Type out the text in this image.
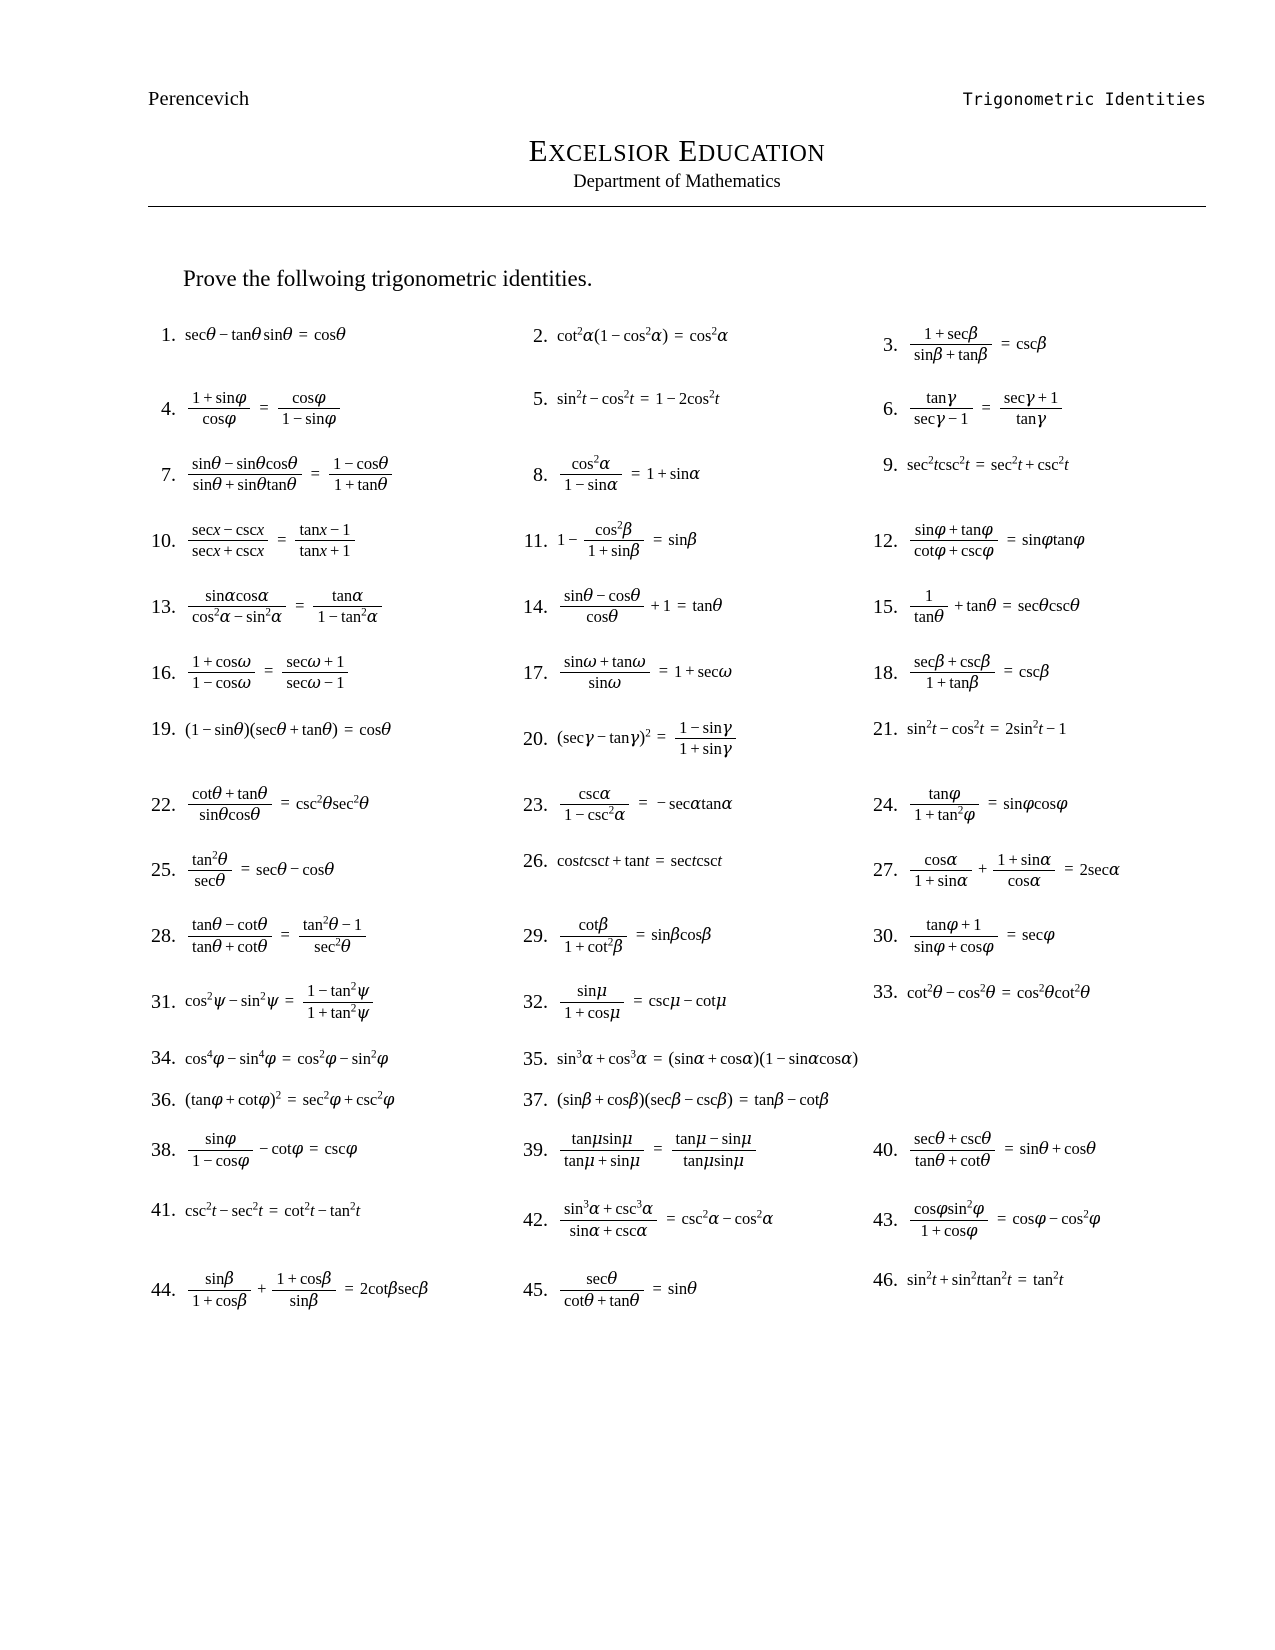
Perencevich	Trigonometric Identities
EXCELSIOR EDUCATION
Department of Mathematics
Prove the follwoing trigonometric identities.
1. secθ − tanθ sinθ = cosθ	2. $\cot^2\alpha(1 - \cos^2\alpha) = \cos^2\alpha$	3. $\frac{1 + \sec\beta}{\sin\beta + \tan\beta} = \csc\beta$
4. $\frac{1 + \sin\varphi}{\cos\varphi} = \frac{\cos\varphi}{1 - \sin\varphi}$	5. $\sin^2t - \cos^2t = 1 - 2\cos^2t$	6. $\frac{\tan\gamma}{\sec\gamma - 1} = \frac{\sec\gamma + 1}{\tan\gamma}$
7. $\frac{\sin\theta - \sin\theta\cos\theta}{\sin\theta + \sin\theta\tan\theta} = \frac{1 - \cos\theta}{1 + \tan\theta}$	8. $\frac{\cos^2\alpha}{1 - \sin\alpha} = 1 + \sin\alpha$	9. $\sec^2tcsc^2t = \sec^2t + \csc^2t$
10. $\frac{\sec x - \csc x}{\sec x + \csc x} = \frac{\tan x - 1}{\tan x + 1}$	11. $1 - \frac{\cos^2\beta}{1 + \sin\beta} = \sin\beta$	12. $\frac{\sin\varphi + \tan\varphi}{\cot\varphi + \csc\varphi} = \sin\varphi\tan\varphi$
13. $\frac{\sin\alpha\cos\alpha}{\cos^2\alpha - \sin^2\alpha} = \frac{\tan\alpha}{1 - \tan^2\alpha}$	14. $\frac{\sin\theta - \cos\theta}{\cos\theta} + 1 = \tan\theta$	15. $\frac{1}{\tan\theta} + \tan\theta = \sec\theta\csc\theta$
16. $\frac{1 + \cos\omega}{1 - \cos\omega} = \frac{\sec\omega + 1}{\sec\omega - 1}$	17. $\frac{\sin\omega + \tan\omega}{\sin\omega} = 1 + \sec\omega$	18. $\frac{\sec\beta + \csc\beta}{1 + \tan\beta} = \csc\beta$
19. (1 − sinθ)(secθ + tanθ) = cosθ	20. $(\sec\gamma - \tan\gamma)^2 = \frac{1 - \sin\gamma}{1 + \sin\gamma}$	21. $\sin^2t - \cos^2t = 2\sin^2t - 1$
22. $\frac{\cot\theta + \tan\theta}{\sin\theta\cos\theta} = \csc^2\theta\sec^2\theta$	23. $\frac{\csc\alpha}{1 - \csc^2\alpha}$ = − secαtanα	24. $\frac{\tan\varphi}{1 + \tan^2\varphi} = \sin\varphi\cos\varphi$
25. $\frac{\tan^2\theta}{\sec\theta} = \sec\theta - \cos\theta$	26. costcsct + tant = sectcsct	27. $\frac{\cos\alpha}{1 + \sin\alpha} + \frac{1 + \sin\alpha}{\cos\alpha} = 2\sec\alpha$
28. $\frac{\tan\theta - \cot\theta}{\tan\theta + \cot\theta} = \frac{\tan^2\theta - 1}{\sec^2\theta}$	29. $\frac{\cot\beta}{1 + \cot^2\beta} = \sin\beta\cos\beta$	30. $\frac{\tan\varphi + 1}{\sin\varphi + \cos\varphi} = \sec\varphi$
31. $\cos^2\psi - \sin^2\psi = \frac{1 - \tan^2\psi}{1 + \tan^2\psi}$	32. $\frac{\sin\mu}{1 + \cos\mu} = \csc\mu - \cot\mu$	33. $\cot^2\theta - \cos^2\theta = \cos^2\theta\cot^2\theta$
34. $\cos^4\varphi - \sin^4\varphi = \cos^2\varphi - \sin^2\varphi$	35. $\sin^3\alpha + \cos^3\alpha = (\sin\alpha + \cos\alpha)(1 - \sin\alpha\cos\alpha)$
36. $(\tan\varphi + \cot\varphi)^2 = \sec^2\varphi + \csc^2\varphi$	37. (sinβ + cosβ)(secβ − cscβ) = tanβ − cotβ
38. $\frac{\sin\varphi}{1 - \cos\varphi} - \cot\varphi = \csc\varphi$	39. $\frac{\tan\mu\sin\mu}{\tan\mu + \sin\mu} = \frac{\tan\mu - \sin\mu}{\tan\mu\sin\mu}$	40. $\frac{\sec\theta + \csc\theta}{\tan\theta + \cot\theta} = \sin\theta + \cos\theta$
41. $\csc^2t - \sec^2t = \cot^2t - \tan^2t$	42. $\frac{\sin^3\alpha + \csc^3\alpha}{\sin\alpha + \csc\alpha} = \csc^2\alpha - \cos^2\alpha$	43. $\frac{\cos\varphi\sin^2\varphi}{1 + \cos\varphi} = \cos\varphi - \cos^2\varphi$
44. $\frac{\sin\beta}{1 + \cos\beta} + \frac{1 + \cos\beta}{\sin\beta} = 2\cot\beta\sec\beta$	45. $\frac{\sec\theta}{\cot\theta + \tan\theta} = \sin\theta$	46. $\sin^2t + \sin^2ttan^2t = \tan^2t$
